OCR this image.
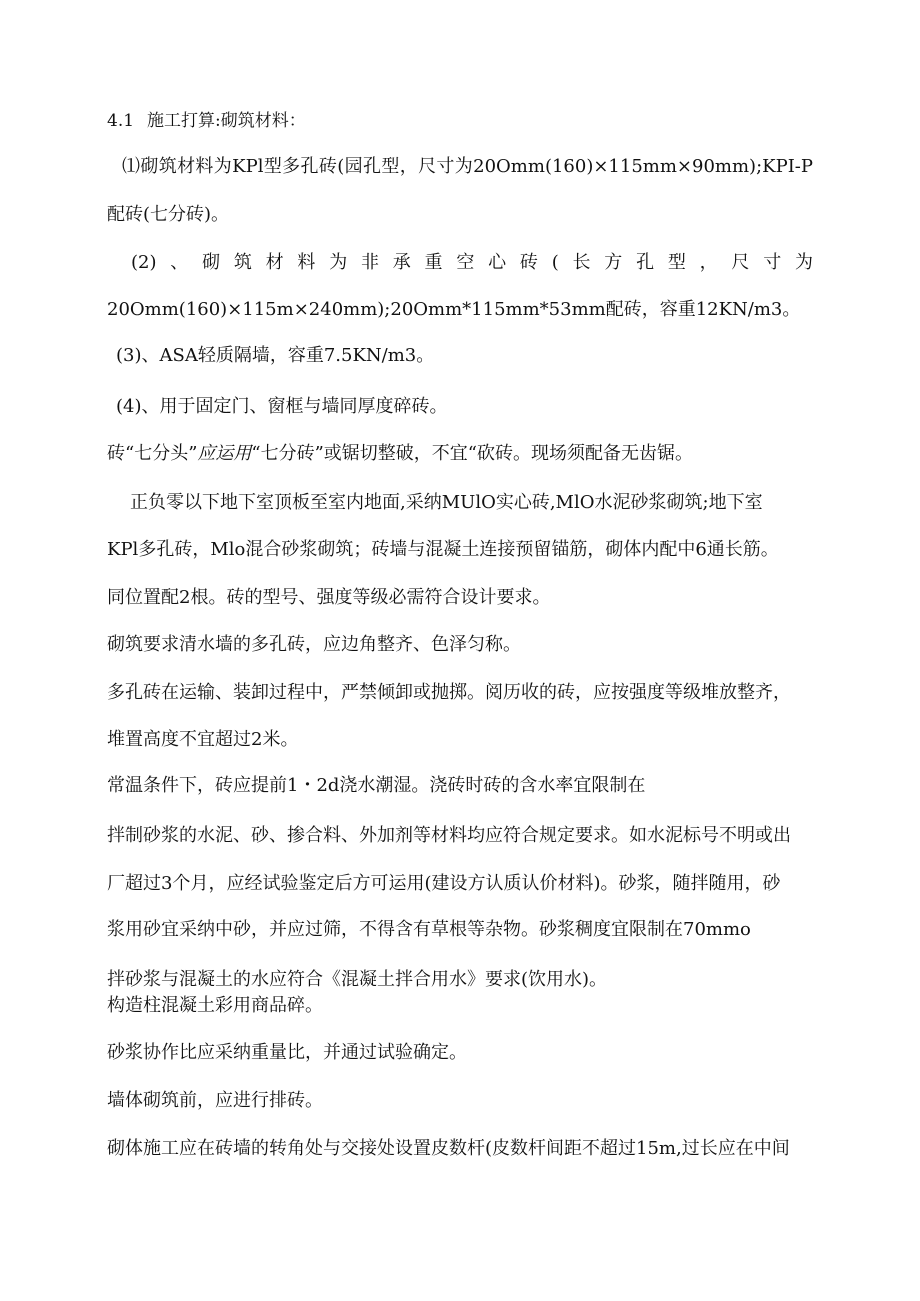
4.1 施工打算:砌筑材料：
⑴砌筑材料为KPl型多孔砖(园孔型，尺寸为20Omm(160)×115mm×90mm);KPI-P
配砖(七分砖)。
(2)、砌筑材料为非承重空心砖(长方孔型，尺寸为
20Omm(160)×115m×240mm);20Omm*115mm*53mm配砖，容重12KN/m3。
(3)、ASA轻质隔墙，容重7.5KN/m3。
(4)、用于固定门、窗框与墙同厚度碎砖。
砖“七分头”应运用“七分砖”或锯切整破，不宜“砍砖。现场须配备无齿锯。
正负零以下地下室顶板至室内地面,采纳MUlO实心砖,MlO水泥砂浆砌筑;地下室
KPl多孔砖，Mlo混合砂浆砌筑；砖墙与混凝土连接预留锚筋，砌体内配中6通长筋。
同位置配2根。砖的型号、强度等级必需符合设计要求。
砌筑要求清水墙的多孔砖，应边角整齐、色泽匀称。
多孔砖在运输、装卸过程中，严禁倾卸或抛掷。阅历收的砖，应按强度等级堆放整齐，
堆置高度不宜超过2米。
常温条件下，砖应提前1・2d浇水潮湿。浇砖时砖的含水率宜限制在
拌制砂浆的水泥、砂、掺合料、外加剂等材料均应符合规定要求。如水泥标号不明或出
厂超过3个月，应经试验鉴定后方可运用(建设方认质认价材料)。砂浆，随拌随用，砂
浆用砂宜采纳中砂，并应过筛，不得含有草根等杂物。砂浆稠度宜限制在70mmo
拌砂浆与混凝土的水应符合《混凝土拌合用水》要求(饮用水)。
构造柱混凝土彩用商品碎。
砂浆协作比应采纳重量比，并通过试验确定。
墙体砌筑前，应进行排砖。
砌体施工应在砖墙的转角处与交接处设置皮数杆(皮数杆间距不超过15m,过长应在中间
